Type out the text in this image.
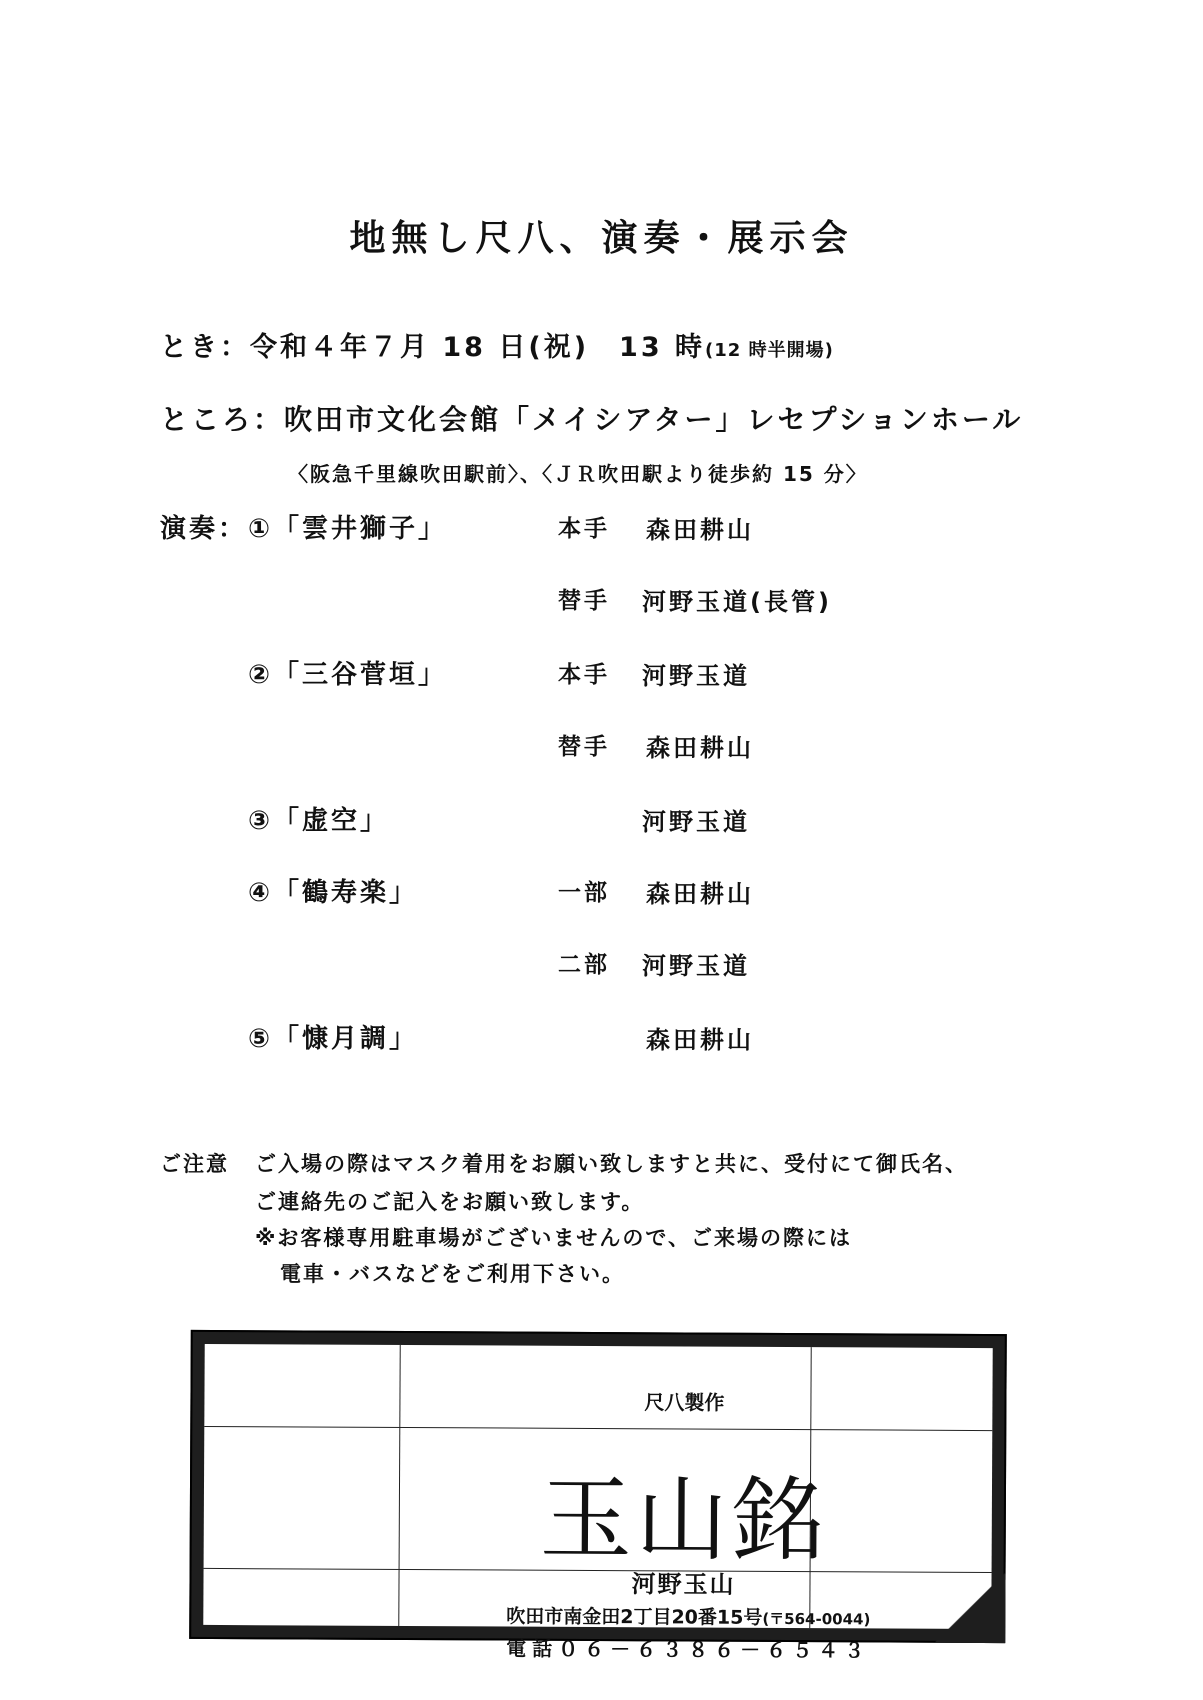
地無し尺八、演奏・展示会
とき：令和４年７月 18 日(祝)　13 時(12 時半開場)
ところ：吹田市文化会館「メイシアター」レセプションホール
〈阪急千里線吹田駅前〉、〈ＪＲ吹田駅より徒歩約 15 分〉
演奏： ①「雲井獅子」	本手 森田耕山
替手 河野玉道(長管)
②「三谷菅垣」	本手 河野玉道
替手 森田耕山
③「虚空」	河野玉道
④「鶴寿楽」	一部 森田耕山
二部 河野玉道
⑤「慷月調」	森田耕山
ご注意 ご入場の際はマスク着用をお願い致しますと共に、受付にて御氏名、
ご連絡先のご記入をお願い致します。
※お客様専用駐車場がございませんので、ご来場の際には
電車・バスなどをご利用下さい。
尺八製作
玉山銘
河野玉山
吹田市南金田2丁目20番15号(〒564-0044)
電話０６－６３８６－６５４３
